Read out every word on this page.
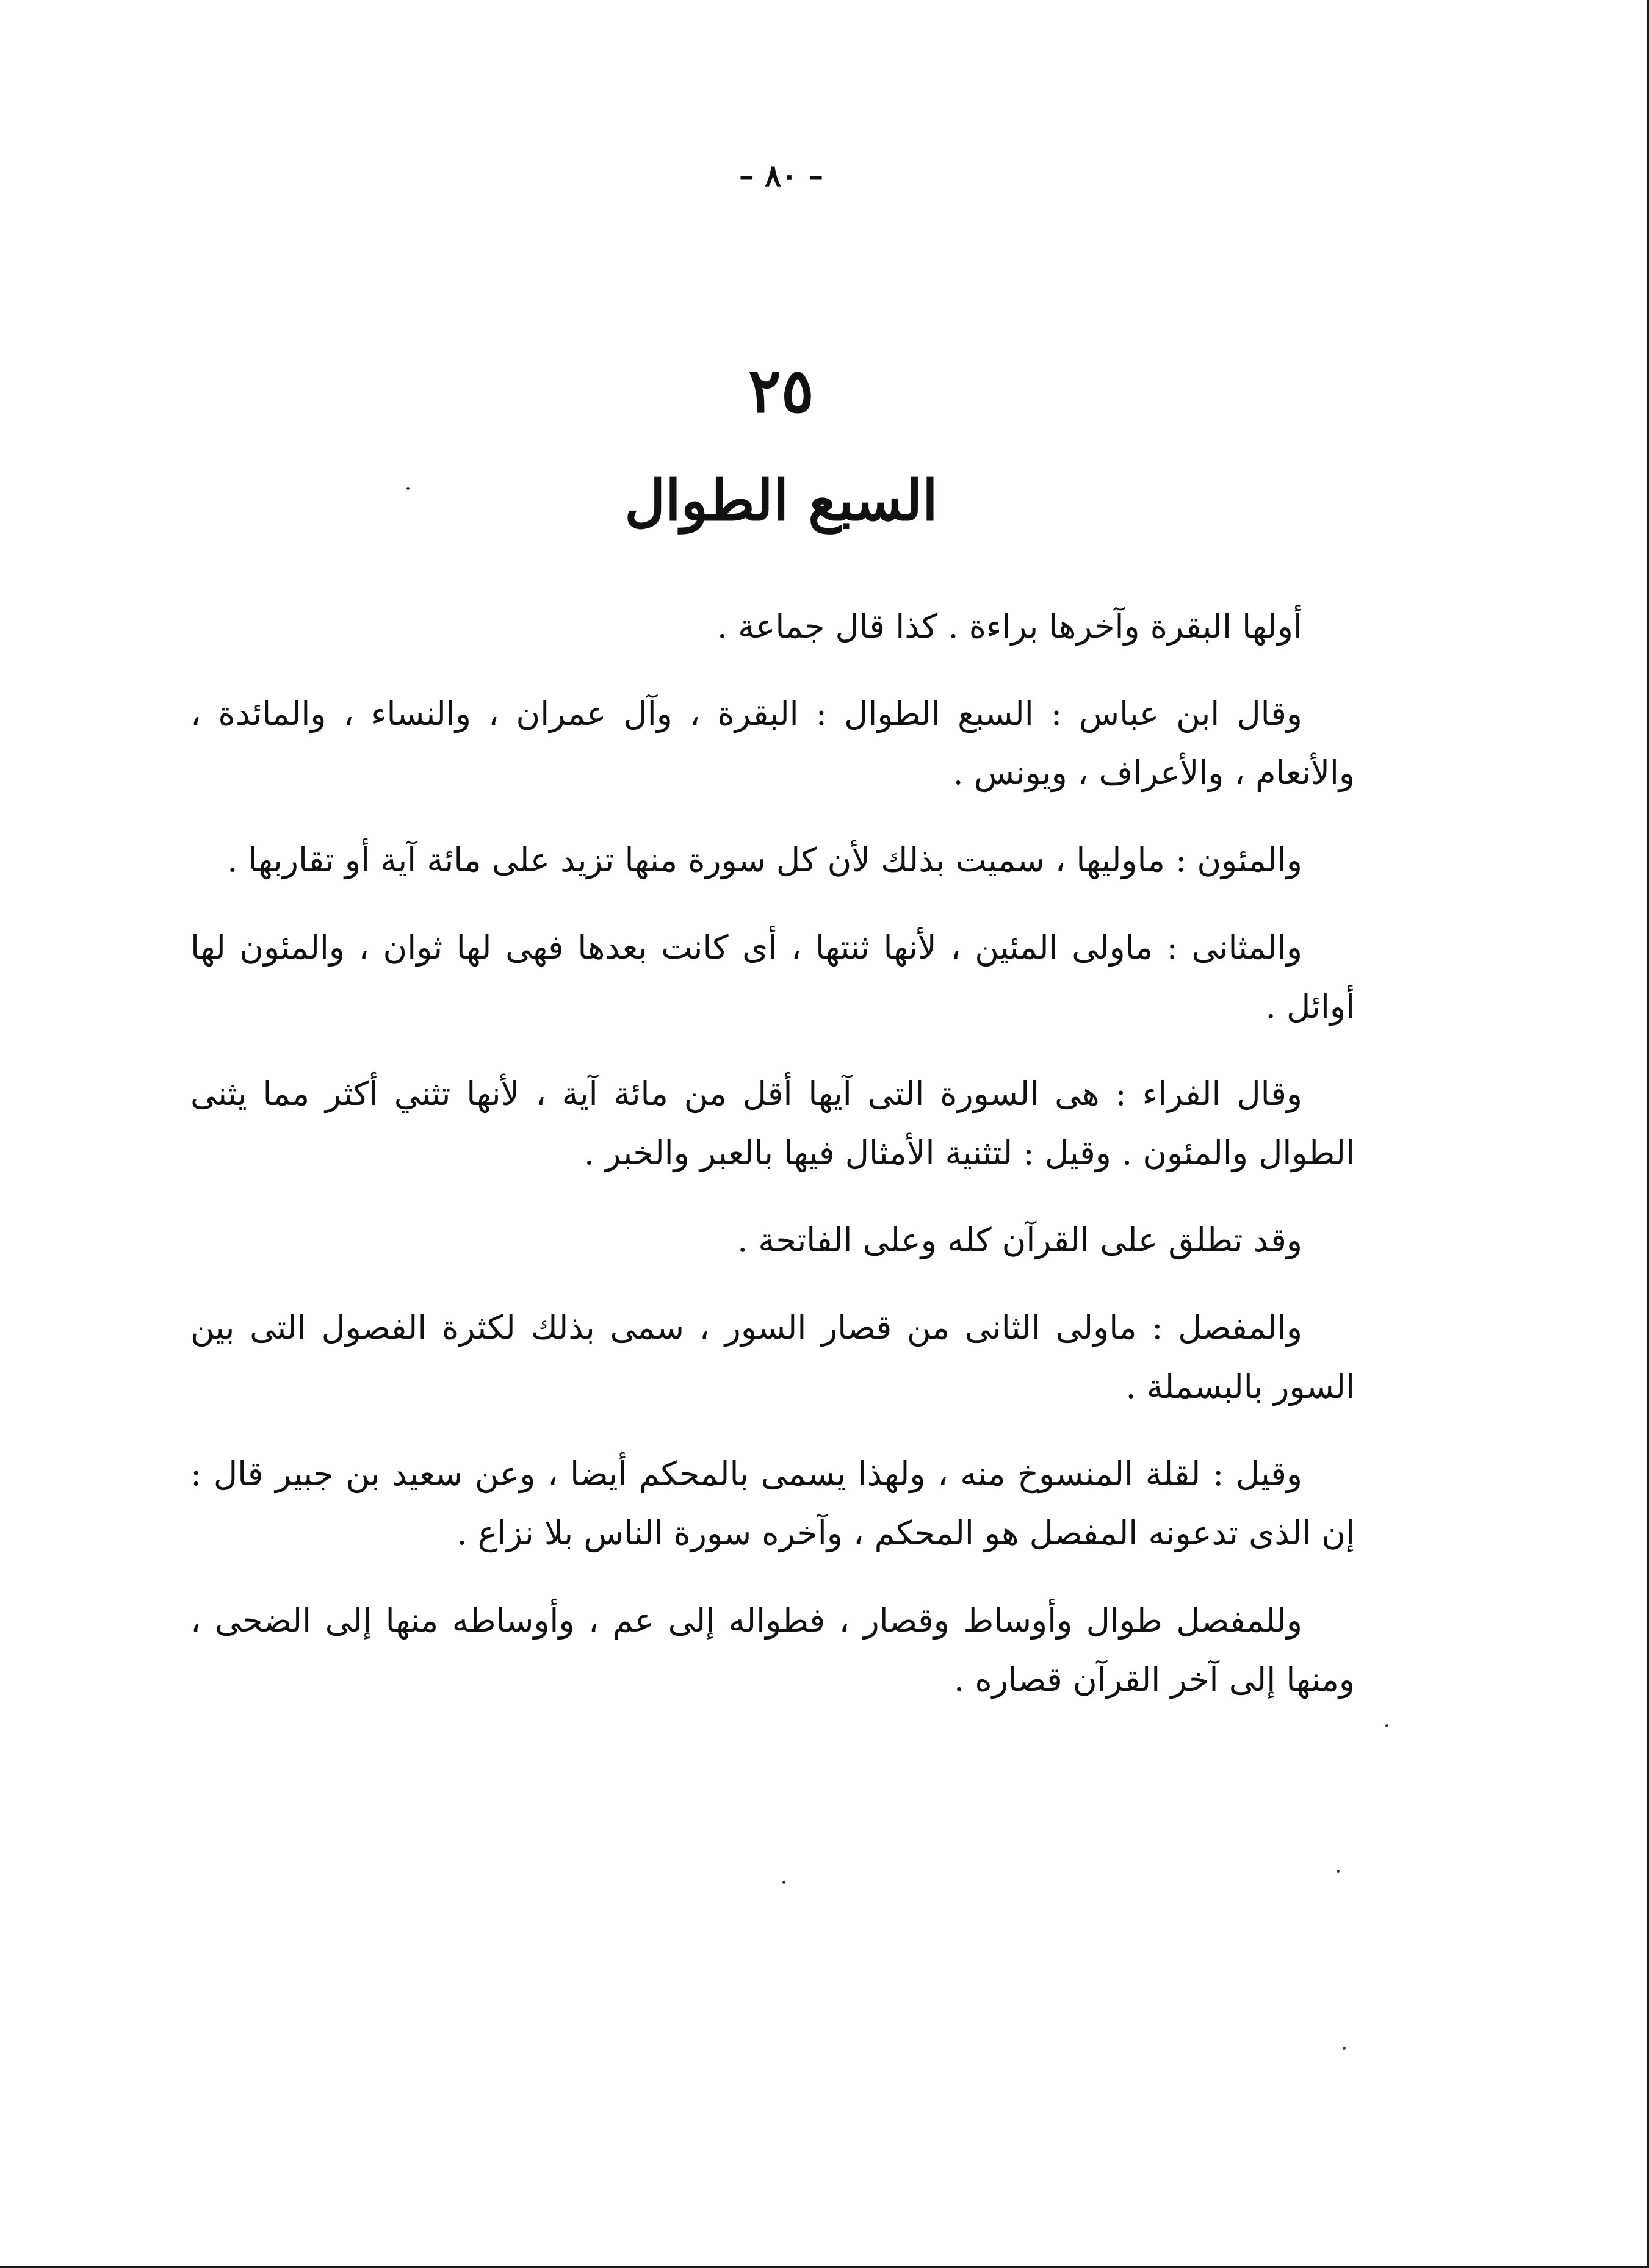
– ٨٠ –
٢٥
السبع الطوال

أولها البقرة وآخرها براءة . كذا قال جماعة .

وقال ابن عباس : السبع الطوال : البقرة ، وآل عمران ، والنساء ، والمائدة ، والأنعام ، والأعراف ، ويونس .

والمئون : ماوليها ، سميت بذلك لأن كل سورة منها تزيد على مائة آية أو تقاربها .

والمثانى : ماولى المئين ، لأنها ثنتها ، أى كانت بعدها فهى لها ثوان ، والمئون لها أوائل .

وقال الفراء : هى السورة التى آيها أقل من مائة آية ، لأنها تثني أكثر مما يثنى الطوال والمئون . وقيل : لتثنية الأمثال فيها بالعبر والخبر .

وقد تطلق على القرآن كله وعلى الفاتحة .

والمفصل : ماولى الثانى من قصار السور ، سمى بذلك لكثرة الفصول التى بين السور بالبسملة .

وقيل : لقلة المنسوخ منه ، ولهذا يسمى بالمحكم أيضا ، وعن سعيد بن جبير قال : إن الذى تدعونه المفصل هو المحكم ، وآخره سورة الناس بلا نزاع .

وللمفصل طوال وأوساط وقصار ، فطواله إلى عم ، وأوساطه منها إلى الضحى ، ومنها إلى آخر القرآن قصاره .
